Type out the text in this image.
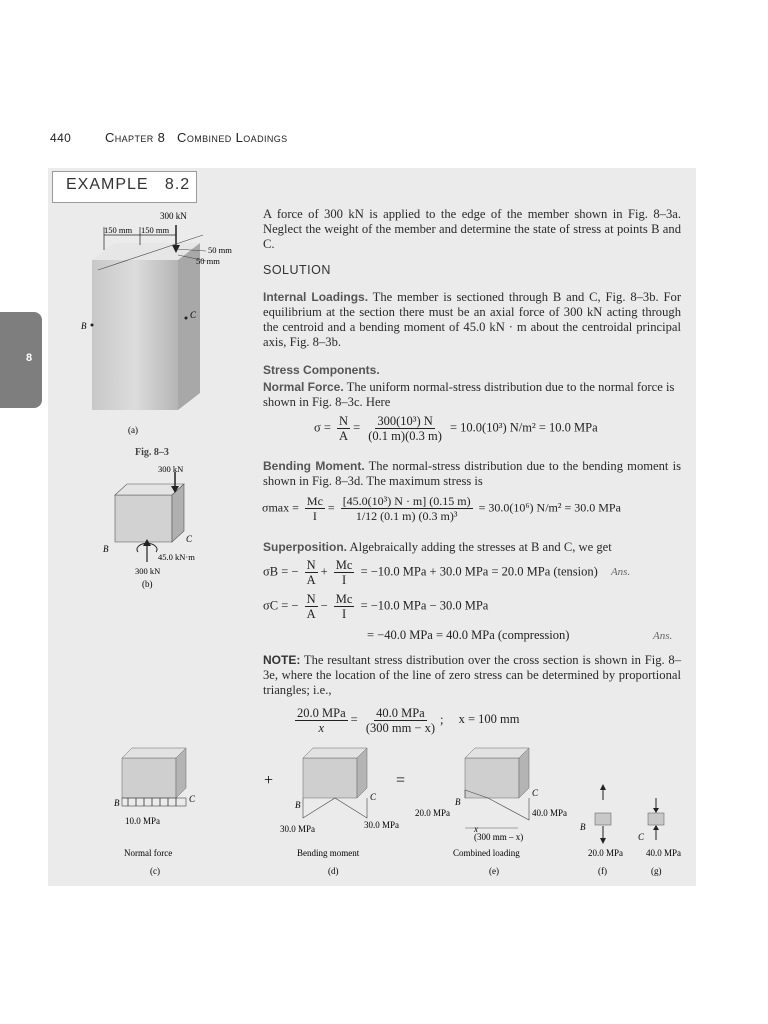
440	Chapter 8 Combined Loadings
EXAMPLE   8.2
8
300 kN
150 mm 150 mm
50 mm
50 mm
B
C
(a)
Fig. 8–3
300 kN
B
C
45.0 kN·m
300 kN
(b)
A force of 300 kN is applied to the edge of the member shown in Fig. 8–3a. Neglect the weight of the member and determine the state of stress at points B and C.
SOLUTION
Internal Loadings. The member is sectioned through B and C, Fig. 8–3b. For equilibrium at the section there must be an axial force of 300 kN acting through the centroid and a bending moment of 45.0 kN · m about the centroidal principal axis, Fig. 8–3b.
Stress Components.
Normal Force. The uniform normal-stress distribution due to the normal force is shown in Fig. 8–3c. Here
$\sigma = \frac{N}{A} = \frac{\text{300(10³) N}}{(0.1 m)(0.3 m)} = 10.0(10^3) N/m^2 = 10.0$ MPa
Bending Moment. The normal-stress distribution due to the bending moment is shown in Fig. 8–3d. The maximum stress is
$\sigma\max = \frac{Mc}{I} = \frac{\text{[45.0(10³) N · m] (0.15 m)}}{\text{1/12 (0.1 m) (0.3 m)³}} = 30.0(10^6) N/m^2 = 30.0$ MPa
Superposition. Algebraically adding the stresses at B and C, we get
σB = − $\frac{N}{A} + \frac{Mc}{I} = -10.0$ MPa + 30.0 MPa = 20.0 MPa (tension) Ans.
σC = − $\frac{N}{A} - \frac{Mc}{I} = -10.0$ MPa − 30.0 MPa
= −40.0 MPa = 40.0 MPa (compression)	Ans.
NOTE: The resultant stress distribution over the cross section is shown in Fig. 8–3e, where the location of the line of zero stress can be determined by proportional triangles; i.e.,
$\frac{\text{20.0 MPa}}{x} = \frac{\text{40.0 MPa}}{(300 mm - x)}$ ; x = 100 mm
B	C
10.0 MPa
Normal force
(c)
+
B
C
30.0 MPa	30.0 MPa
Bending moment
(d)
=
B
C
20.0 MPa	40.0 MPa
x
(300 mm – x)
Combined loading
(e)
B
20.0 MPa
(f)
C
40.0 MPa
(g)
